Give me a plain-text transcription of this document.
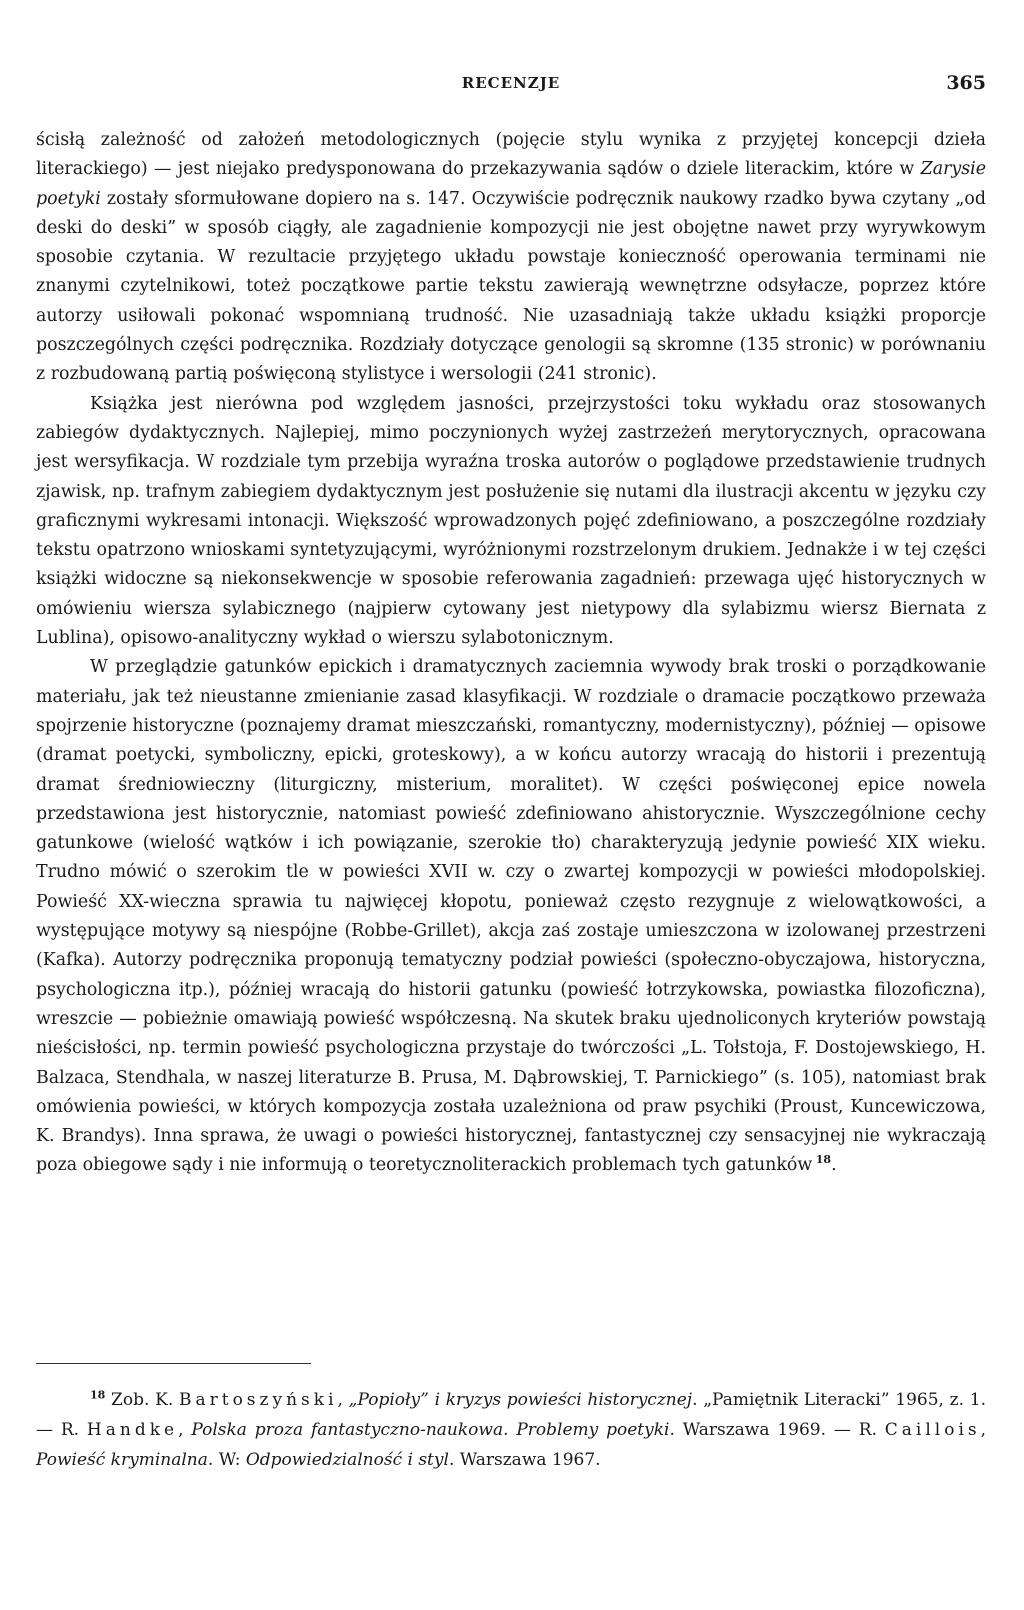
RECENZJE	365

ścisłą zależność od założeń metodologicznych (pojęcie stylu wynika z przyjętej koncepcji dzieła literackiego) — jest niejako predysponowana do przekazywania sądów o dziele literackim, które w Zarysie poetyki zostały sformułowane dopiero na s. 147. Oczywiście podręcznik naukowy rzadko bywa czytany „od deski do deski” w sposób ciągły, ale zagadnienie kompozycji nie jest obojętne nawet przy wyrywkowym sposobie czytania. W rezultacie przyjętego układu powstaje konieczność operowania terminami nie znanymi czytelnikowi, toteż początkowe partie tekstu zawierają wewnętrzne odsyłacze, poprzez które autorzy usiłowali pokonać wspomnianą trudność. Nie uzasadniają także układu książki proporcje poszczególnych części podręcznika. Rozdziały dotyczące genologii są skromne (135 stronic) w porównaniu z rozbudowaną partią poświęconą stylistyce i wersologii (241 stronic).

Książka jest nierówna pod względem jasności, przejrzystości toku wykładu oraz stosowanych zabiegów dydaktycznych. Najlepiej, mimo poczynionych wyżej zastrzeżeń merytorycznych, opracowana jest wersyfikacja. W rozdziale tym przebija wyraźna troska autorów o poglądowe przedstawienie trudnych zjawisk, np. trafnym zabiegiem dydaktycznym jest posłużenie się nutami dla ilustracji akcentu w języku czy graficznymi wykresami intonacji. Większość wprowadzonych pojęć zdefiniowano, a poszczególne rozdziały tekstu opatrzono wnioskami syntetyzującymi, wyróżnionymi rozstrzelonym drukiem. Jednakże i w tej części książki widoczne są niekonsekwencje w sposobie referowania zagadnień: przewaga ujęć historycznych w omówieniu wiersza sylabicznego (najpierw cytowany jest nietypowy dla sylabizmu wiersz Biernata z Lublina), opisowo-analityczny wykład o wierszu sylabotonicznym.

W przeglądzie gatunków epickich i dramatycznych zaciemnia wywody brak troski o porządkowanie materiału, jak też nieustanne zmienianie zasad klasyfikacji. W rozdziale o dramacie początkowo przeważa spojrzenie historyczne (poznajemy dramat mieszczański, romantyczny, modernistyczny), później — opisowe (dramat poetycki, symboliczny, epicki, groteskowy), a w końcu autorzy wracają do historii i prezentują dramat średniowieczny (liturgiczny, misterium, moralitet). W części poświęconej epice nowela przedstawiona jest historycznie, natomiast powieść zdefiniowano ahistorycznie. Wyszczególnione cechy gatunkowe (wielość wątków i ich powiązanie, szerokie tło) charakteryzują jedynie powieść XIX wieku. Trudno mówić o szerokim tle w powieści XVII w. czy o zwartej kompozycji w powieści młodopolskiej. Powieść XX-wieczna sprawia tu najwięcej kłopotu, ponieważ często rezygnuje z wielowątkowości, a występujące motywy są niespójne (Robbe-Grillet), akcja zaś zostaje umieszczona w izolowanej przestrzeni (Kafka). Autorzy podręcznika proponują tematyczny podział powieści (społeczno-obyczajowa, historyczna, psychologiczna itp.), później wracają do historii gatunku (powieść łotrzykowska, powiastka filozoficzna), wreszcie — pobieżnie omawiają powieść współczesną. Na skutek braku ujednoliconych kryteriów powstają nieścisłości, np. termin powieść psychologiczna przystaje do twórczości „L. Tołstoja, F. Dostojewskiego, H. Balzaca, Stendhala, w naszej literaturze B. Prusa, M. Dąbrowskiej, T. Parnickiego” (s. 105), natomiast brak omówienia powieści, w których kompozycja została uzależniona od praw psychiki (Proust, Kuncewiczowa, K. Brandys). Inna sprawa, że uwagi o powieści historycznej, fantastycznej czy sensacyjnej nie wykraczają poza obiegowe sądy i nie informują o teoretycznoliterackich problemach tych gatunków  $^{18}$.

$^{18}$ Zob. K. Bartoszyński, „Popioły” i kryzys powieści historycznej. „Pamiętnik Literacki” 1965, z. 1. — R. Handke, Polska proza fantastyczno-naukowa. Problemy poetyki. Warszawa 1969. — R. Caillois, Powieść kryminalna. W: Odpowiedzialność i styl. Warszawa 1967.
